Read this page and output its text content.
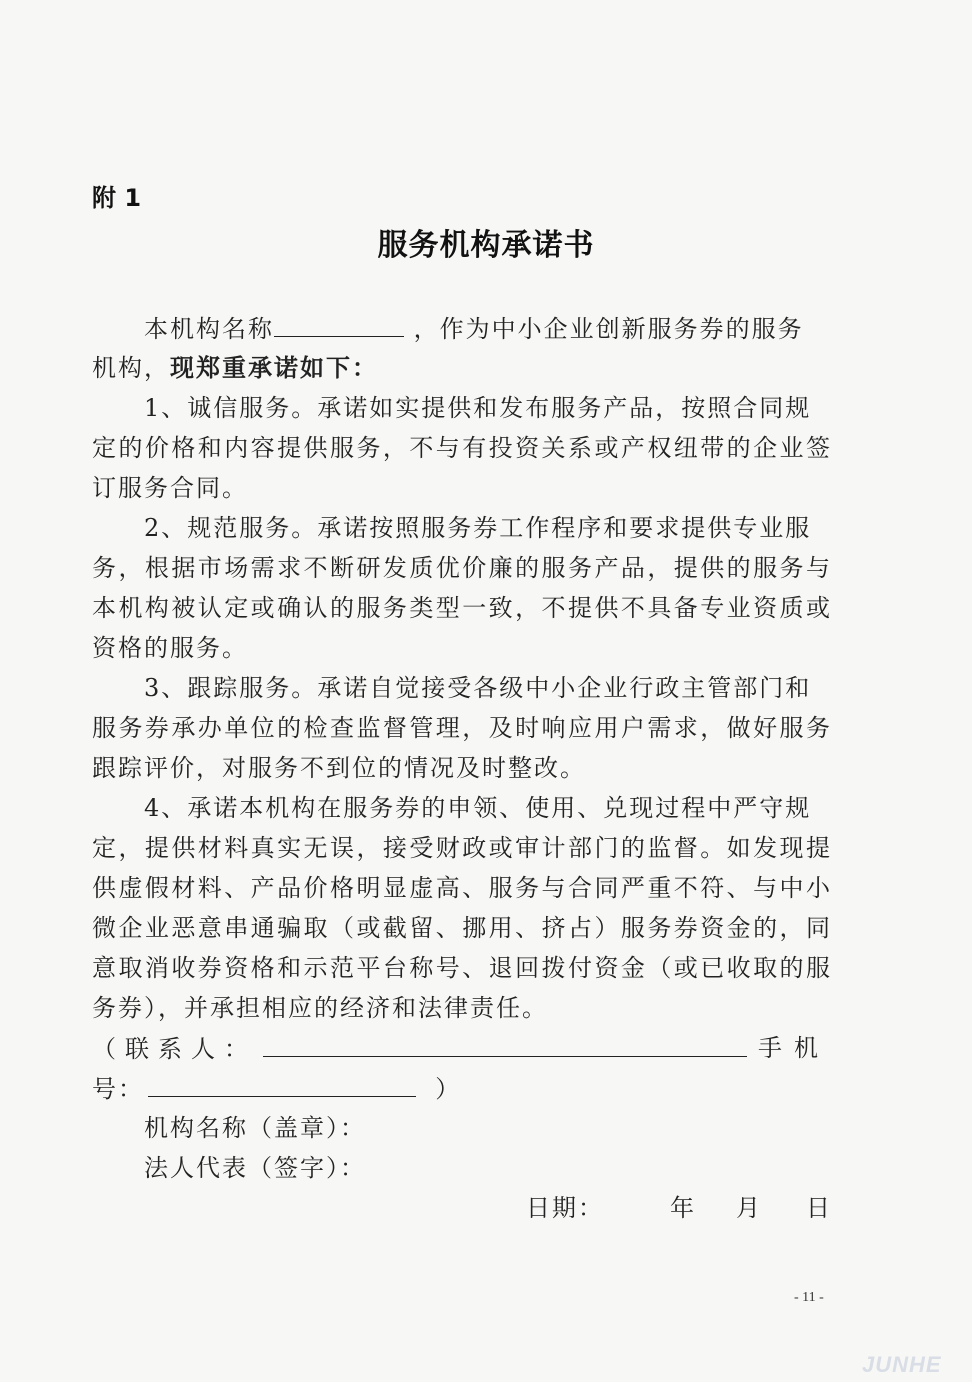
附 1
服务机构承诺书
本机构名称	，作为中小企业创新服务券的服务
机构，现郑重承诺如下：
1、诚信服务。承诺如实提供和发布服务产品，按照合同规
定的价格和内容提供服务，不与有投资关系或产权纽带的企业签
订服务合同。
2、规范服务。承诺按照服务券工作程序和要求提供专业服
务，根据市场需求不断研发质优价廉的服务产品，提供的服务与
本机构被认定或确认的服务类型一致，不提供不具备专业资质或
资格的服务。
3、跟踪服务。承诺自觉接受各级中小企业行政主管部门和
服务券承办单位的检查监督管理，及时响应用户需求，做好服务
跟踪评价，对服务不到位的情况及时整改。
4、承诺本机构在服务券的申领、使用、兑现过程中严守规
定，提供材料真实无误，接受财政或审计部门的监督。如发现提
供虚假材料、产品价格明显虚高、服务与合同严重不符、与中小
微企业恶意串通骗取（或截留、挪用、挤占）服务券资金的，同
意取消收券资格和示范平台称号、退回拨付资金（或已收取的服
务券），并承担相应的经济和法律责任。
（联系人：	手机
号：	）
机构名称（盖章）：
法人代表（签字）：
日期：	年 月 日
- 11 -
JUNHE
